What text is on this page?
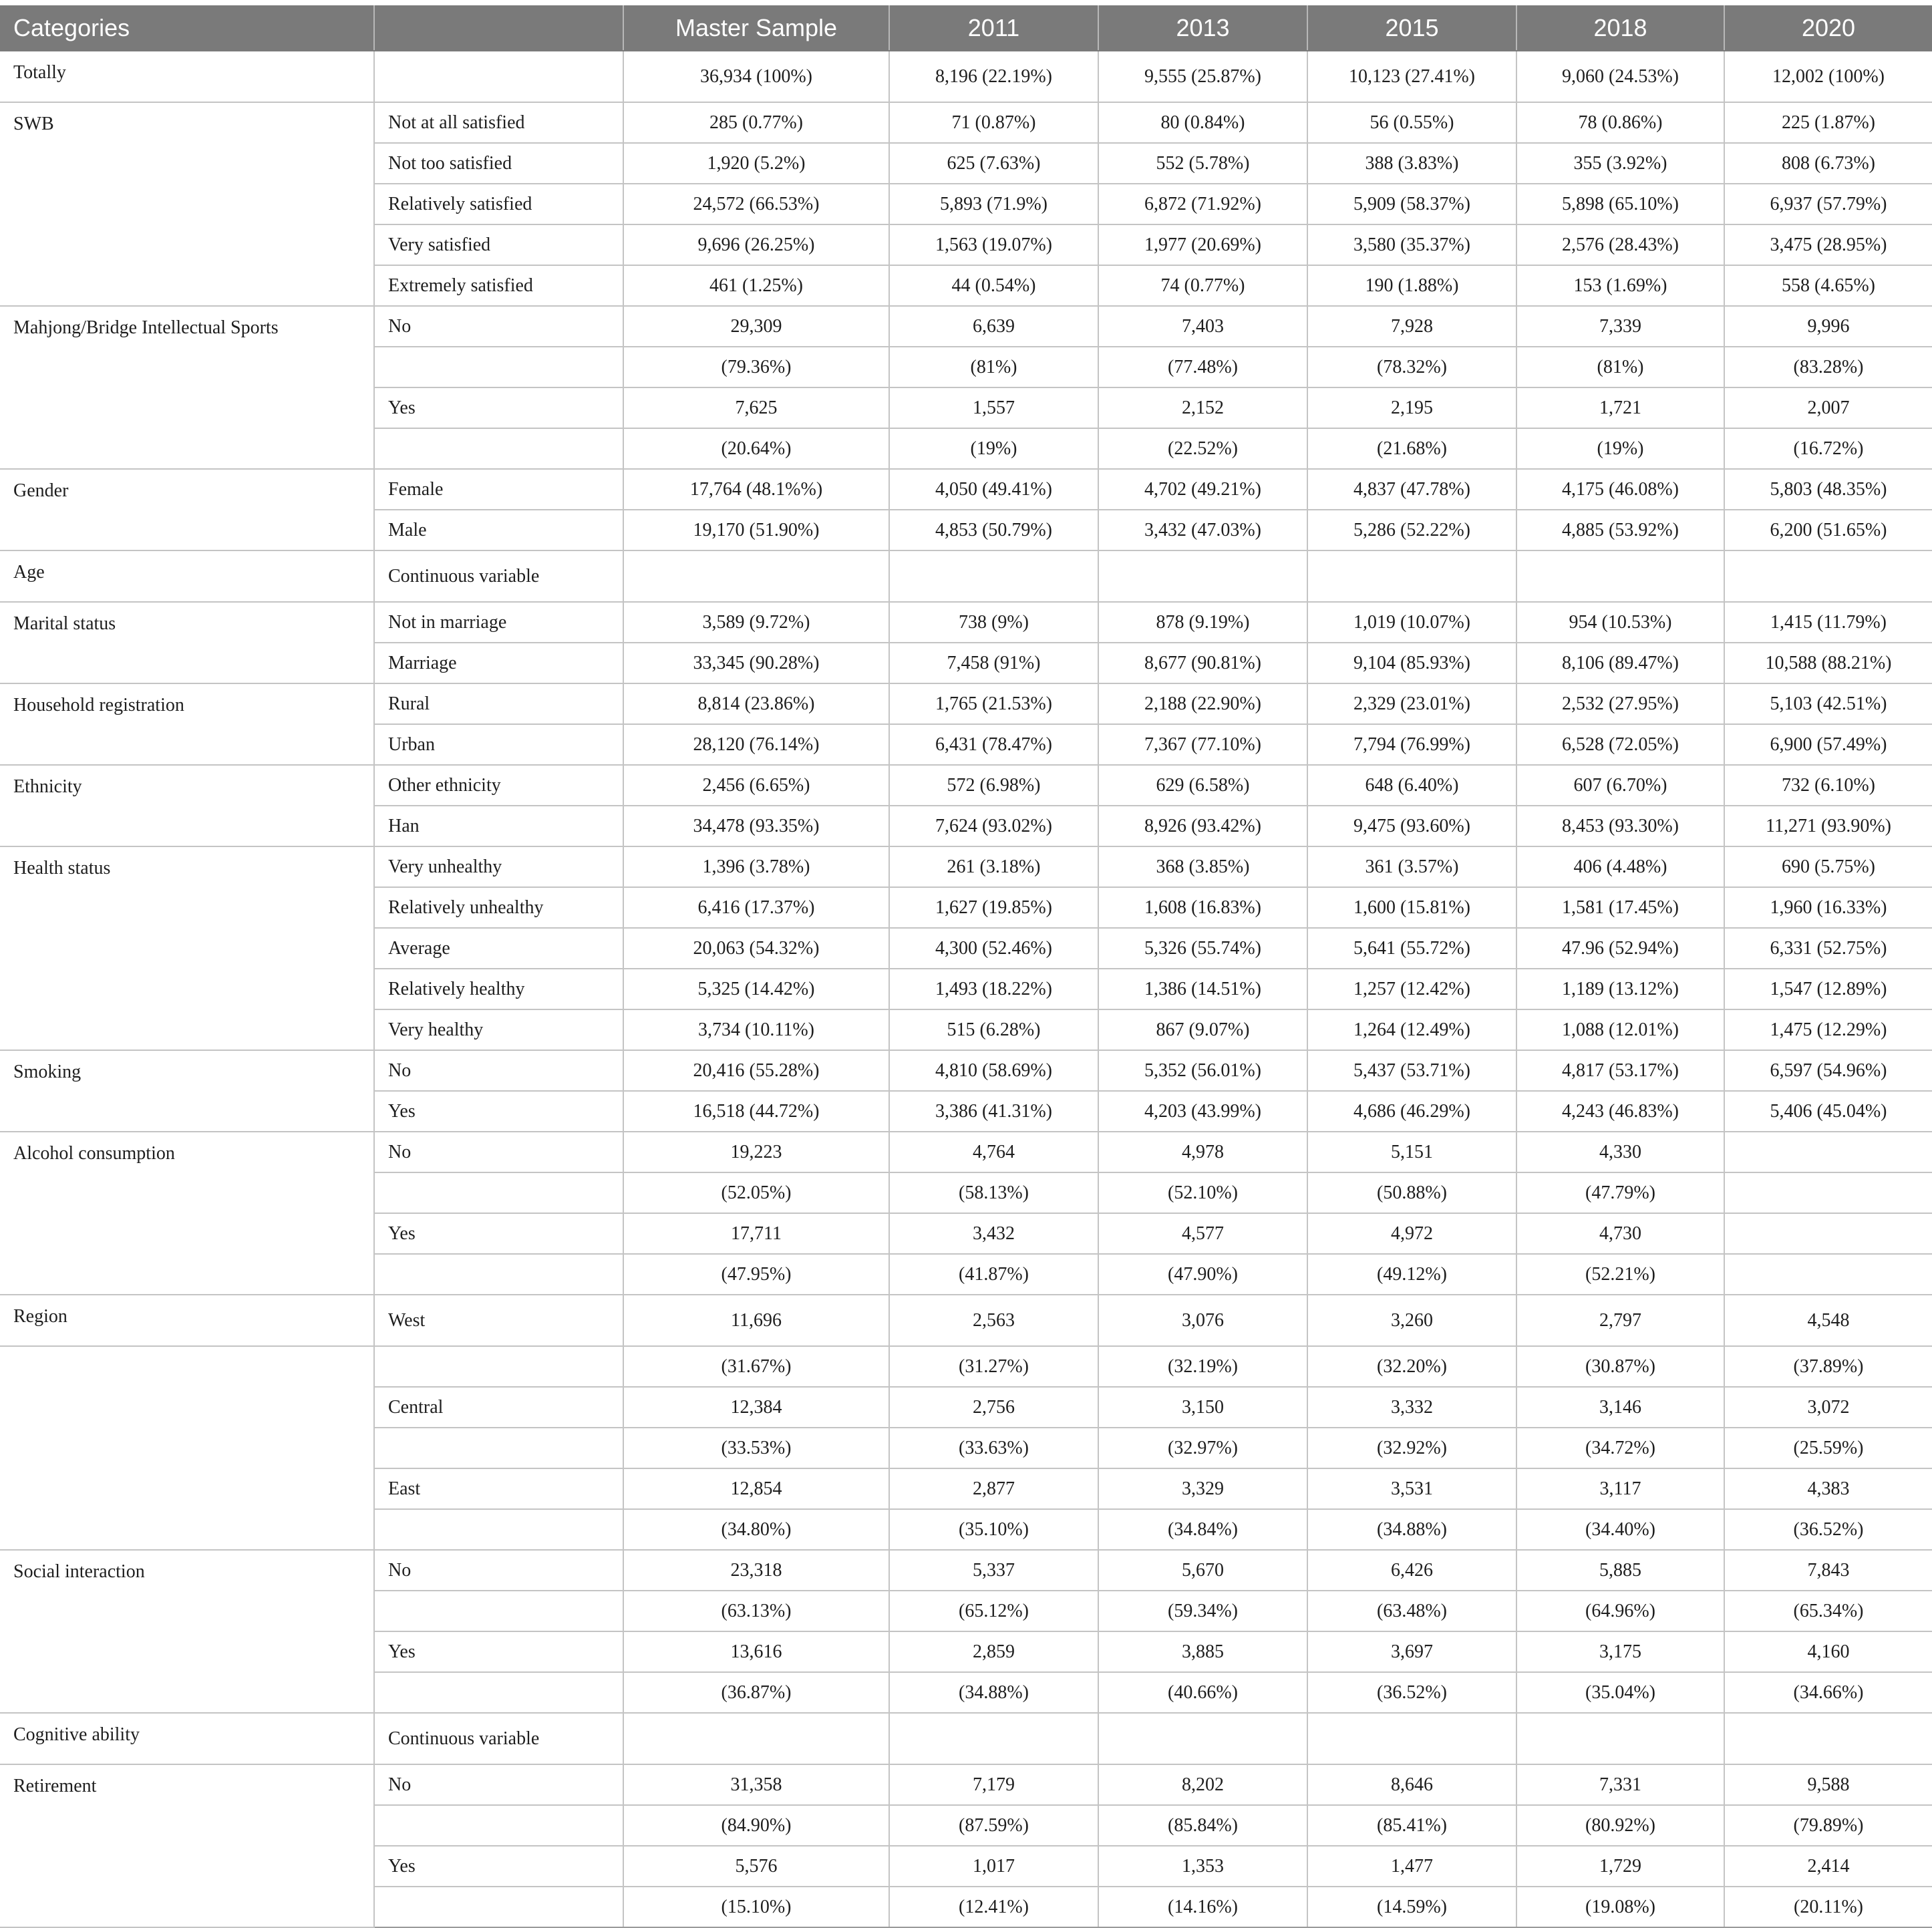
Categories		Master Sample	2011	2013	2015	2018	2020
Totally		36,934 (100%)	8,196 (22.19%)	9,555 (25.87%)	10,123 (27.41%)	9,060 (24.53%)	12,002 (100%)
SWB	Not at all satisfied	285 (0.77%)	71 (0.87%)	80 (0.84%)	56 (0.55%)	78 (0.86%)	225 (1.87%)
	Not too satisfied	1,920 (5.2%)	625 (7.63%)	552 (5.78%)	388 (3.83%)	355 (3.92%)	808 (6.73%)
	Relatively satisfied	24,572 (66.53%)	5,893 (71.9%)	6,872 (71.92%)	5,909 (58.37%)	5,898 (65.10%)	6,937 (57.79%)
	Very satisfied	9,696 (26.25%)	1,563 (19.07%)	1,977 (20.69%)	3,580 (35.37%)	2,576 (28.43%)	3,475 (28.95%)
	Extremely satisfied	461 (1.25%)	44 (0.54%)	74 (0.77%)	190 (1.88%)	153 (1.69%)	558 (4.65%)
Mahjong/Bridge Intellectual Sports	No	29,309	6,639	7,403	7,928	7,339	9,996
		(79.36%)	(81%)	(77.48%)	(78.32%)	(81%)	(83.28%)
	Yes	7,625	1,557	2,152	2,195	1,721	2,007
		(20.64%)	(19%)	(22.52%)	(21.68%)	(19%)	(16.72%)
Gender	Female	17,764 (48.1%%)	4,050 (49.41%)	4,702 (49.21%)	4,837 (47.78%)	4,175 (46.08%)	5,803 (48.35%)
	Male	19,170 (51.90%)	4,853 (50.79%)	3,432 (47.03%)	5,286 (52.22%)	4,885 (53.92%)	6,200 (51.65%)
Age	Continuous variable						
Marital status	Not in marriage	3,589 (9.72%)	738 (9%)	878 (9.19%)	1,019 (10.07%)	954 (10.53%)	1,415 (11.79%)
	Marriage	33,345 (90.28%)	7,458 (91%)	8,677 (90.81%)	9,104 (85.93%)	8,106 (89.47%)	10,588 (88.21%)
Household registration	Rural	8,814 (23.86%)	1,765 (21.53%)	2,188 (22.90%)	2,329 (23.01%)	2,532 (27.95%)	5,103 (42.51%)
	Urban	28,120 (76.14%)	6,431 (78.47%)	7,367 (77.10%)	7,794 (76.99%)	6,528 (72.05%)	6,900 (57.49%)
Ethnicity	Other ethnicity	2,456 (6.65%)	572 (6.98%)	629 (6.58%)	648 (6.40%)	607 (6.70%)	732 (6.10%)
	Han	34,478 (93.35%)	7,624 (93.02%)	8,926 (93.42%)	9,475 (93.60%)	8,453 (93.30%)	11,271 (93.90%)
Health status	Very unhealthy	1,396 (3.78%)	261 (3.18%)	368 (3.85%)	361 (3.57%)	406 (4.48%)	690 (5.75%)
	Relatively unhealthy	6,416 (17.37%)	1,627 (19.85%)	1,608 (16.83%)	1,600 (15.81%)	1,581 (17.45%)	1,960 (16.33%)
	Average	20,063 (54.32%)	4,300 (52.46%)	5,326 (55.74%)	5,641 (55.72%)	47.96 (52.94%)	6,331 (52.75%)
	Relatively healthy	5,325 (14.42%)	1,493 (18.22%)	1,386 (14.51%)	1,257 (12.42%)	1,189 (13.12%)	1,547 (12.89%)
	Very healthy	3,734 (10.11%)	515 (6.28%)	867 (9.07%)	1,264 (12.49%)	1,088 (12.01%)	1,475 (12.29%)
Smoking	No	20,416 (55.28%)	4,810 (58.69%)	5,352 (56.01%)	5,437 (53.71%)	4,817 (53.17%)	6,597 (54.96%)
	Yes	16,518 (44.72%)	3,386 (41.31%)	4,203 (43.99%)	4,686 (46.29%)	4,243 (46.83%)	5,406 (45.04%)
Alcohol consumption	No	19,223	4,764	4,978	5,151	4,330	
		(52.05%)	(58.13%)	(52.10%)	(50.88%)	(47.79%)	
	Yes	17,711	3,432	4,577	4,972	4,730	
		(47.95%)	(41.87%)	(47.90%)	(49.12%)	(52.21%)	
Region	West	11,696	2,563	3,076	3,260	2,797	4,548
		(31.67%)	(31.27%)	(32.19%)	(32.20%)	(30.87%)	(37.89%)
	Central	12,384	2,756	3,150	3,332	3,146	3,072
		(33.53%)	(33.63%)	(32.97%)	(32.92%)	(34.72%)	(25.59%)
	East	12,854	2,877	3,329	3,531	3,117	4,383
		(34.80%)	(35.10%)	(34.84%)	(34.88%)	(34.40%)	(36.52%)
Social interaction	No	23,318	5,337	5,670	6,426	5,885	7,843
		(63.13%)	(65.12%)	(59.34%)	(63.48%)	(64.96%)	(65.34%)
	Yes	13,616	2,859	3,885	3,697	3,175	4,160
		(36.87%)	(34.88%)	(40.66%)	(36.52%)	(35.04%)	(34.66%)
Cognitive ability	Continuous variable						
Retirement	No	31,358	7,179	8,202	8,646	7,331	9,588
		(84.90%)	(87.59%)	(85.84%)	(85.41%)	(80.92%)	(79.89%)
	Yes	5,576	1,017	1,353	1,477	1,729	2,414
		(15.10%)	(12.41%)	(14.16%)	(14.59%)	(19.08%)	(20.11%)
